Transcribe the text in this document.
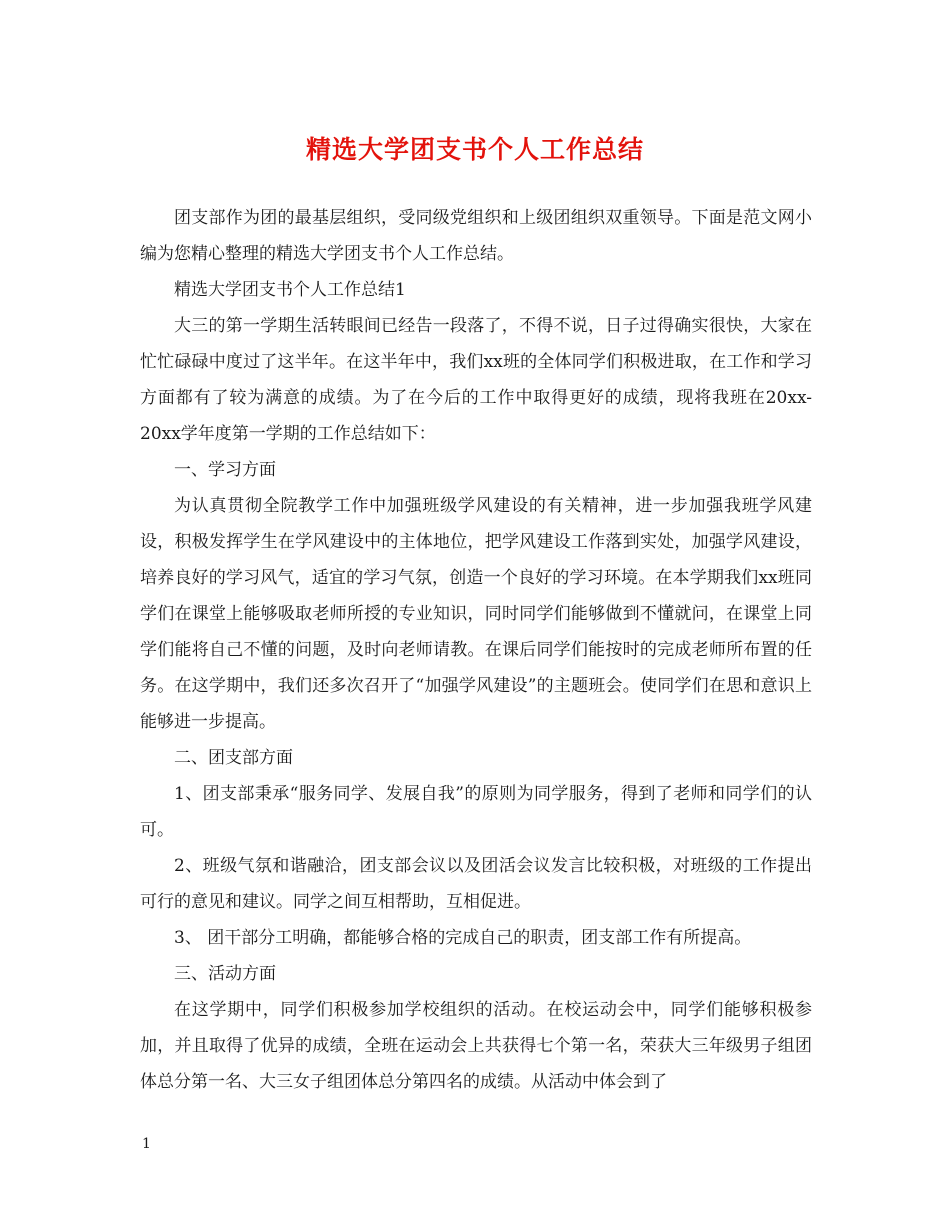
精选大学团支书个人工作总结

团支部作为团的最基层组织，受同级党组织和上级团组织双重领导。下面是范文网小编为您精心整理的精选大学团支书个人工作总结。

精选大学团支书个人工作总结1

大三的第一学期生活转眼间已经告一段落了，不得不说，日子过得确实很快，大家在忙忙碌碌中度过了这半年。在这半年中，我们xx班的全体同学们积极进取，在工作和学习方面都有了较为满意的成绩。为了在今后的工作中取得更好的成绩，现将我班在20xx-20xx学年度第一学期的工作总结如下：

一、学习方面

为认真贯彻全院教学工作中加强班级学风建设的有关精神，进一步加强我班学风建设，积极发挥学生在学风建设中的主体地位，把学风建设工作落到实处，加强学风建设，培养良好的学习风气，适宜的学习气氛，创造一个良好的学习环境。在本学期我们xx班同学们在课堂上能够吸取老师所授的专业知识，同时同学们能够做到不懂就问，在课堂上同学们能将自己不懂的问题，及时向老师请教。在课后同学们能按时的完成老师所布置的任务。在这学期中，我们还多次召开了“加强学风建设”的主题班会。使同学们在思和意识上能够进一步提高。

二、团支部方面

1、团支部秉承“服务同学、发展自我”的原则为同学服务，得到了老师和同学们的认可。

2、班级气氛和谐融洽，团支部会议以及团活会议发言比较积极，对班级的工作提出可行的意见和建议。同学之间互相帮助，互相促进。

3、 团干部分工明确，都能够合格的完成自己的职责，团支部工作有所提高。

三、活动方面

在这学期中，同学们积极参加学校组织的活动。在校运动会中，同学们能够积极参加，并且取得了优异的成绩，全班在运动会上共获得七个第一名，荣获大三年级男子组团体总分第一名、大三女子组团体总分第四名的成绩。从活动中体会到了

1
